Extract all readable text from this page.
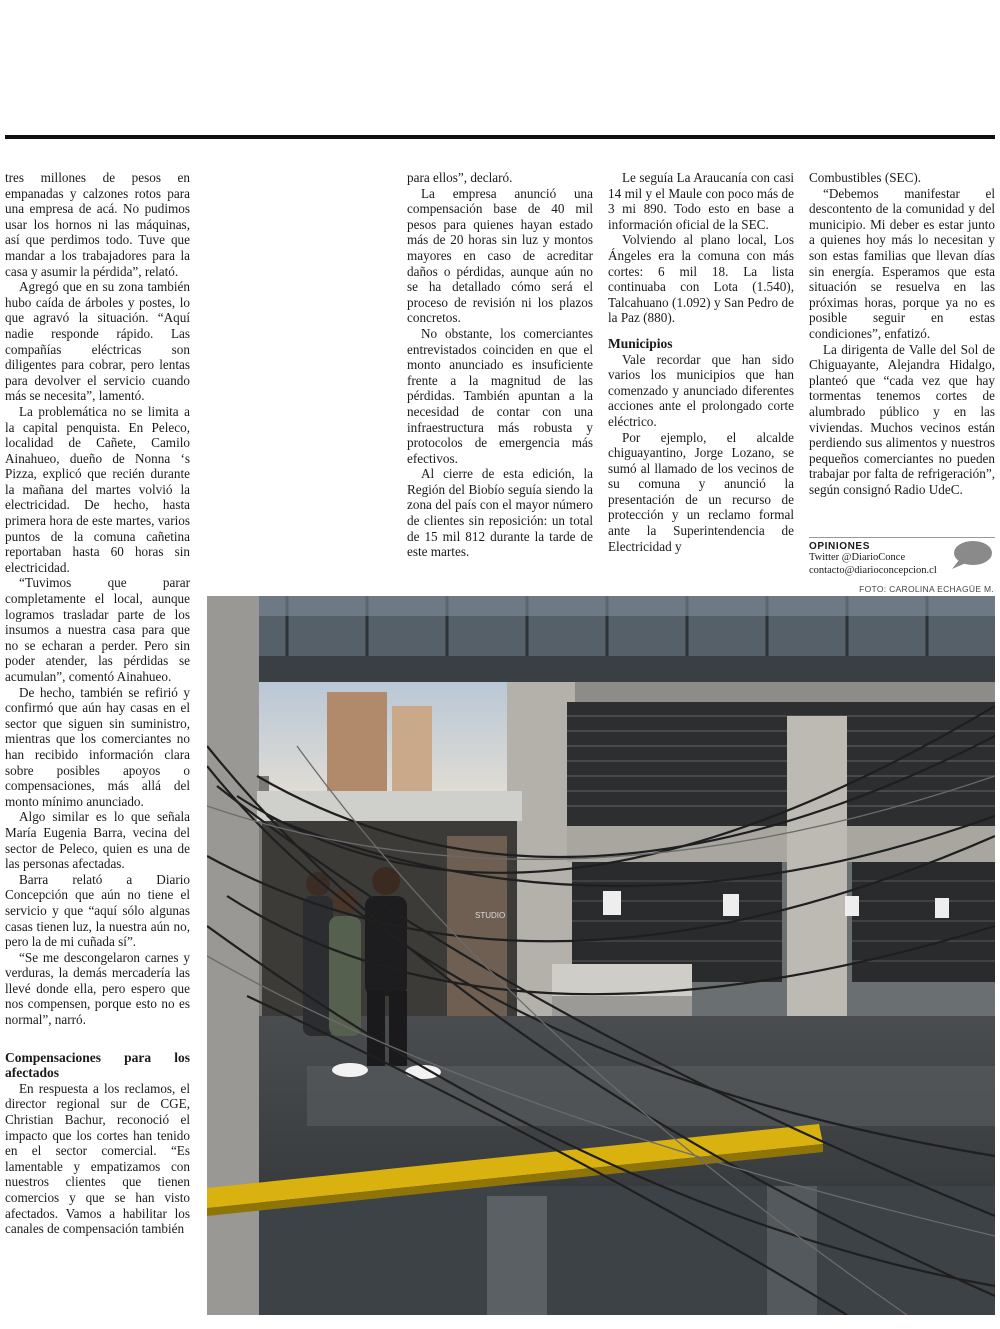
tres millones de pesos en empanadas y calzones rotos para una empresa de acá. No pudimos usar los hornos ni las máquinas, así que perdimos todo. Tuve que mandar a los trabajadores para la casa y asumir la pérdida”, relató.

Agregó que en su zona también hubo caída de árboles y postes, lo que agravó la situación. “Aquí nadie responde rápido. Las compañías eléctricas son diligentes para cobrar, pero lentas para devolver el servicio cuando más se necesita”, lamentó.

La problemática no se limita a la capital penquista. En Peleco, localidad de Cañete, Camilo Ainahueo, dueño de Nonna ‘s Pizza, explicó que recién durante la mañana del martes volvió la electricidad. De hecho, hasta primera hora de este martes, varios puntos de la comuna cañetina reportaban hasta 60 horas sin electricidad.

“Tuvimos que parar completamente el local, aunque logramos trasladar parte de los insumos a nuestra casa para que no se echaran a perder. Pero sin poder atender, las pérdidas se acumulan”, comentó Ainahueo.

De hecho, también se refirió y confirmó que aún hay casas en el sector que siguen sin suministro, mientras que los comerciantes no han recibido información clara sobre posibles apoyos o compensaciones, más allá del monto mínimo anunciado.

Algo similar es lo que señala María Eugenia Barra, vecina del sector de Peleco, quien es una de las personas afectadas.

Barra relató a Diario Concepción que aún no tiene el servicio y que “aquí sólo algunas casas tienen luz, la nuestra aún no, pero la de mi cuñada sí”.

“Se me descongelaron carnes y verduras, la demás mercadería las llevé donde ella, pero espero que nos compensen, porque esto no es normal”, narró.

Compensaciones para los afectados

En respuesta a los reclamos, el director regional sur de CGE, Christian Bachur, reconoció el impacto que los cortes han tenido en el sector comercial. “Es lamentable y empatizamos con nuestros clientes que tienen comercios y que se han visto afectados. Vamos a habilitar los canales de compensación también

para ellos”, declaró.

La empresa anunció una compensación base de 40 mil pesos para quienes hayan estado más de 20 horas sin luz y montos mayores en caso de acreditar daños o pérdidas, aunque aún no se ha detallado cómo será el proceso de revisión ni los plazos concretos.

No obstante, los comerciantes entrevistados coinciden en que el monto anunciado es insuficiente frente a la magnitud de las pérdidas. También apuntan a la necesidad de contar con una infraestructura más robusta y protocolos de emergencia más efectivos.

Al cierre de esta edición, la Región del Biobío seguía siendo la zona del país con el mayor número de clientes sin reposición: un total de 15 mil 812 durante la tarde de este martes.

Le seguía La Araucanía con casi 14 mil y el Maule con poco más de 3 mi 890. Todo esto en base a información oficial de la SEC.

Volviendo al plano local, Los Ángeles era la comuna con más cortes: 6 mil 18. La lista continuaba con Lota (1.540), Talcahuano (1.092) y San Pedro de la Paz (880).

Municipios

Vale recordar que han sido varios los municipios que han comenzado y anunciado diferentes acciones ante el prolongado corte eléctrico.

Por ejemplo, el alcalde chiguayantino, Jorge Lozano, se sumó al llamado de los vecinos de su comuna y anunció la presentación de un recurso de protección y un reclamo formal ante la Superintendencia de Electricidad y

Combustibles (SEC).

“Debemos manifestar el descontento de la comunidad y del municipio. Mi deber es estar junto a quienes hoy más lo necesitan y son estas familias que llevan días sin energía. Esperamos que esta situación se resuelva en las próximas horas, porque ya no es posible seguir en estas condiciones”, enfatizó.

La dirigenta de Valle del Sol de Chiguayante, Alejandra Hidalgo, planteó que “cada vez que hay tormentas tenemos cortes de alumbrado público y en las viviendas. Muchos vecinos están perdiendo sus alimentos y nuestros pequeños comerciantes no pueden trabajar por falta de refrigeración”, según consignó Radio UdeC.

OPINIONES
Twitter @DiarioConce
contacto@diarioconcepcion.cl
FOTO: CAROLINA ECHAGÜE M.
STUDIO
